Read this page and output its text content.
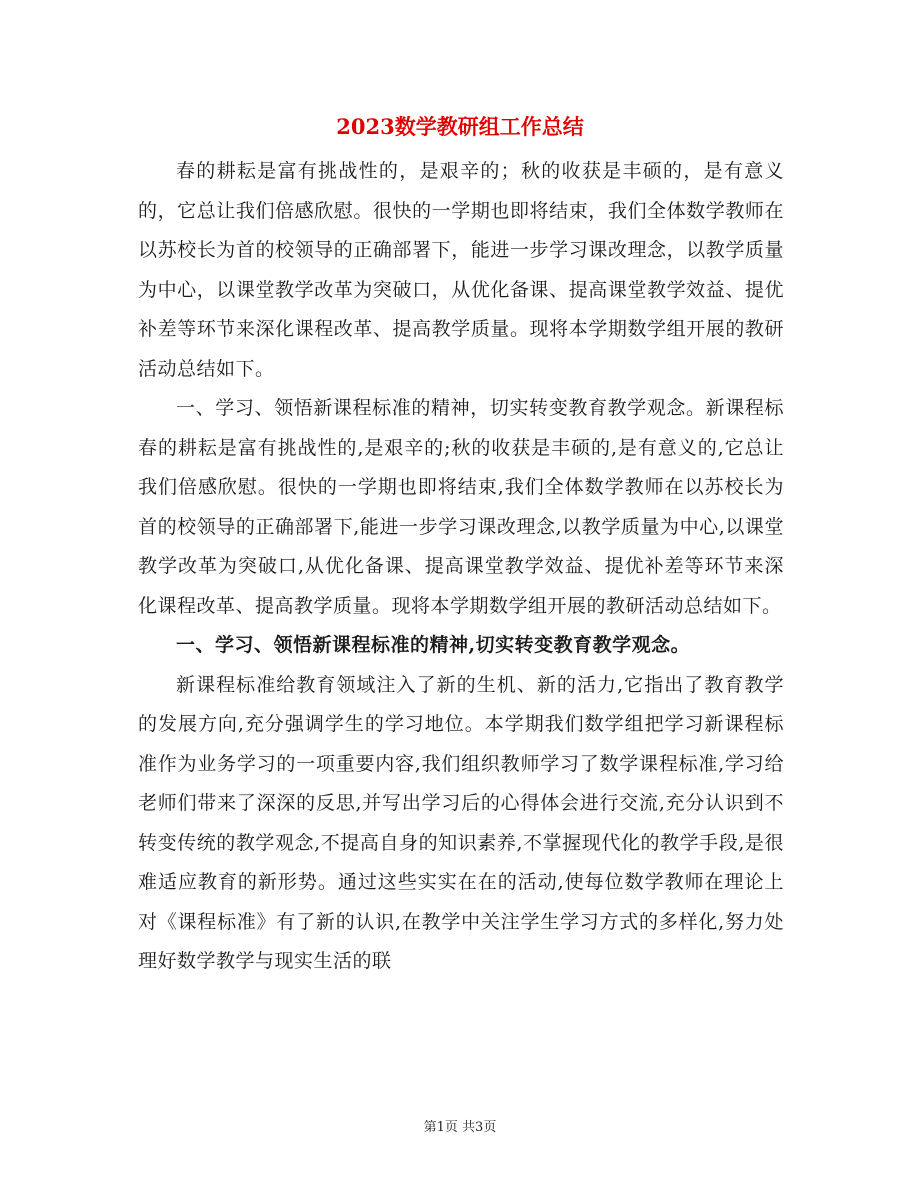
2023数学教研组工作总结

春的耕耘是富有挑战性的，是艰辛的；秋的收获是丰硕的，是有意义的，它总让我们倍感欣慰。很快的一学期也即将结束，我们全体数学教师在以苏校长为首的校领导的正确部署下，能进一步学习课改理念，以教学质量为中心，以课堂教学改革为突破口，从优化备课、提高课堂教学效益、提优补差等环节来深化课程改革、提高教学质量。现将本学期数学组开展的教研活动总结如下。

一、学习、领悟新课程标准的精神，切实转变教育教学观念。新课程标春的耕耘是富有挑战性的,是艰辛的;秋的收获是丰硕的,是有意义的,它总让我们倍感欣慰。很快的一学期也即将结束,我们全体数学教师在以苏校长为首的校领导的正确部署下,能进一步学习课改理念,以教学质量为中心,以课堂教学改革为突破口,从优化备课、提高课堂教学效益、提优补差等环节来深化课程改革、提高教学质量。现将本学期数学组开展的教研活动总结如下。

一、学习、领悟新课程标准的精神,切实转变教育教学观念。

新课程标准给教育领域注入了新的生机、新的活力,它指出了教育教学的发展方向,充分强调学生的学习地位。本学期我们数学组把学习新课程标准作为业务学习的一项重要内容,我们组织教师学习了数学课程标准,学习给老师们带来了深深的反思,并写出学习后的心得体会进行交流,充分认识到不转变传统的教学观念,不提高自身的知识素养,不掌握现代化的教学手段,是很难适应教育的新形势。通过这些实实在在的活动,使每位数学教师在理论上对《课程标准》有了新的认识,在教学中关注学生学习方式的多样化,努力处理好数学教学与现实生活的联

第1页 共3页
